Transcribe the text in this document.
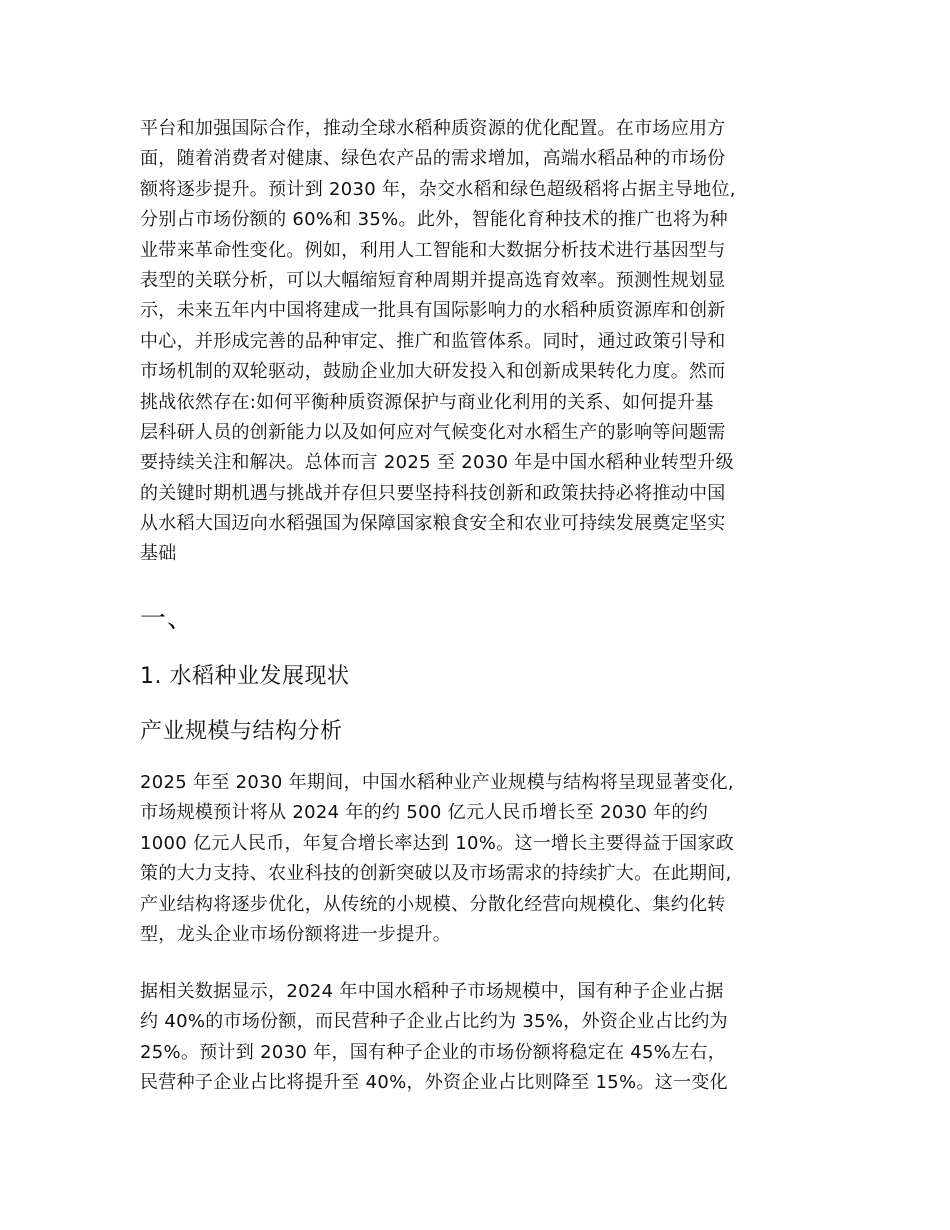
平台和加强国际合作，推动全球水稻种质资源的优化配置。在市场应用方
面，随着消费者对健康、绿色农产品的需求增加，高端水稻品种的市场份
额将逐步提升。预计到 2030 年，杂交水稻和绿色超级稻将占据主导地位,
分别占市场份额的 60%和 35%。此外，智能化育种技术的推广也将为种
业带来革命性变化。例如，利用人工智能和大数据分析技术进行基因型与
表型的关联分析，可以大幅缩短育种周期并提高选育效率。预测性规划显
示，未来五年内中国将建成一批具有国际影响力的水稻种质资源库和创新
中心，并形成完善的品种审定、推广和监管体系。同时，通过政策引导和
市场机制的双轮驱动，鼓励企业加大研发投入和创新成果转化力度。然而
挑战依然存在:如何平衡种质资源保护与商业化利用的关系、如何提升基
层科研人员的创新能力以及如何应对气候变化对水稻生产的影响等问题需
要持续关注和解决。总体而言 2025 至 2030 年是中国水稻种业转型升级
的关键时期机遇与挑战并存但只要坚持科技创新和政策扶持必将推动中国
从水稻大国迈向水稻强国为保障国家粮食安全和农业可持续发展奠定坚实
基础
一、
1. 水稻种业发展现状
产业规模与结构分析
2025 年至 2030 年期间，中国水稻种业产业规模与结构将呈现显著变化,
市场规模预计将从 2024 年的约 500 亿元人民币增长至 2030 年的约
1000 亿元人民币，年复合增长率达到 10%。这一增长主要得益于国家政
策的大力支持、农业科技的创新突破以及市场需求的持续扩大。在此期间,
产业结构将逐步优化，从传统的小规模、分散化经营向规模化、集约化转
型，龙头企业市场份额将进一步提升。
据相关数据显示，2024 年中国水稻种子市场规模中，国有种子企业占据
约 40%的市场份额，而民营种子企业占比约为 35%，外资企业占比约为
25%。预计到 2030 年，国有种子企业的市场份额将稳定在 45%左右，
民营种子企业占比将提升至 40%，外资企业占比则降至 15%。这一变化
